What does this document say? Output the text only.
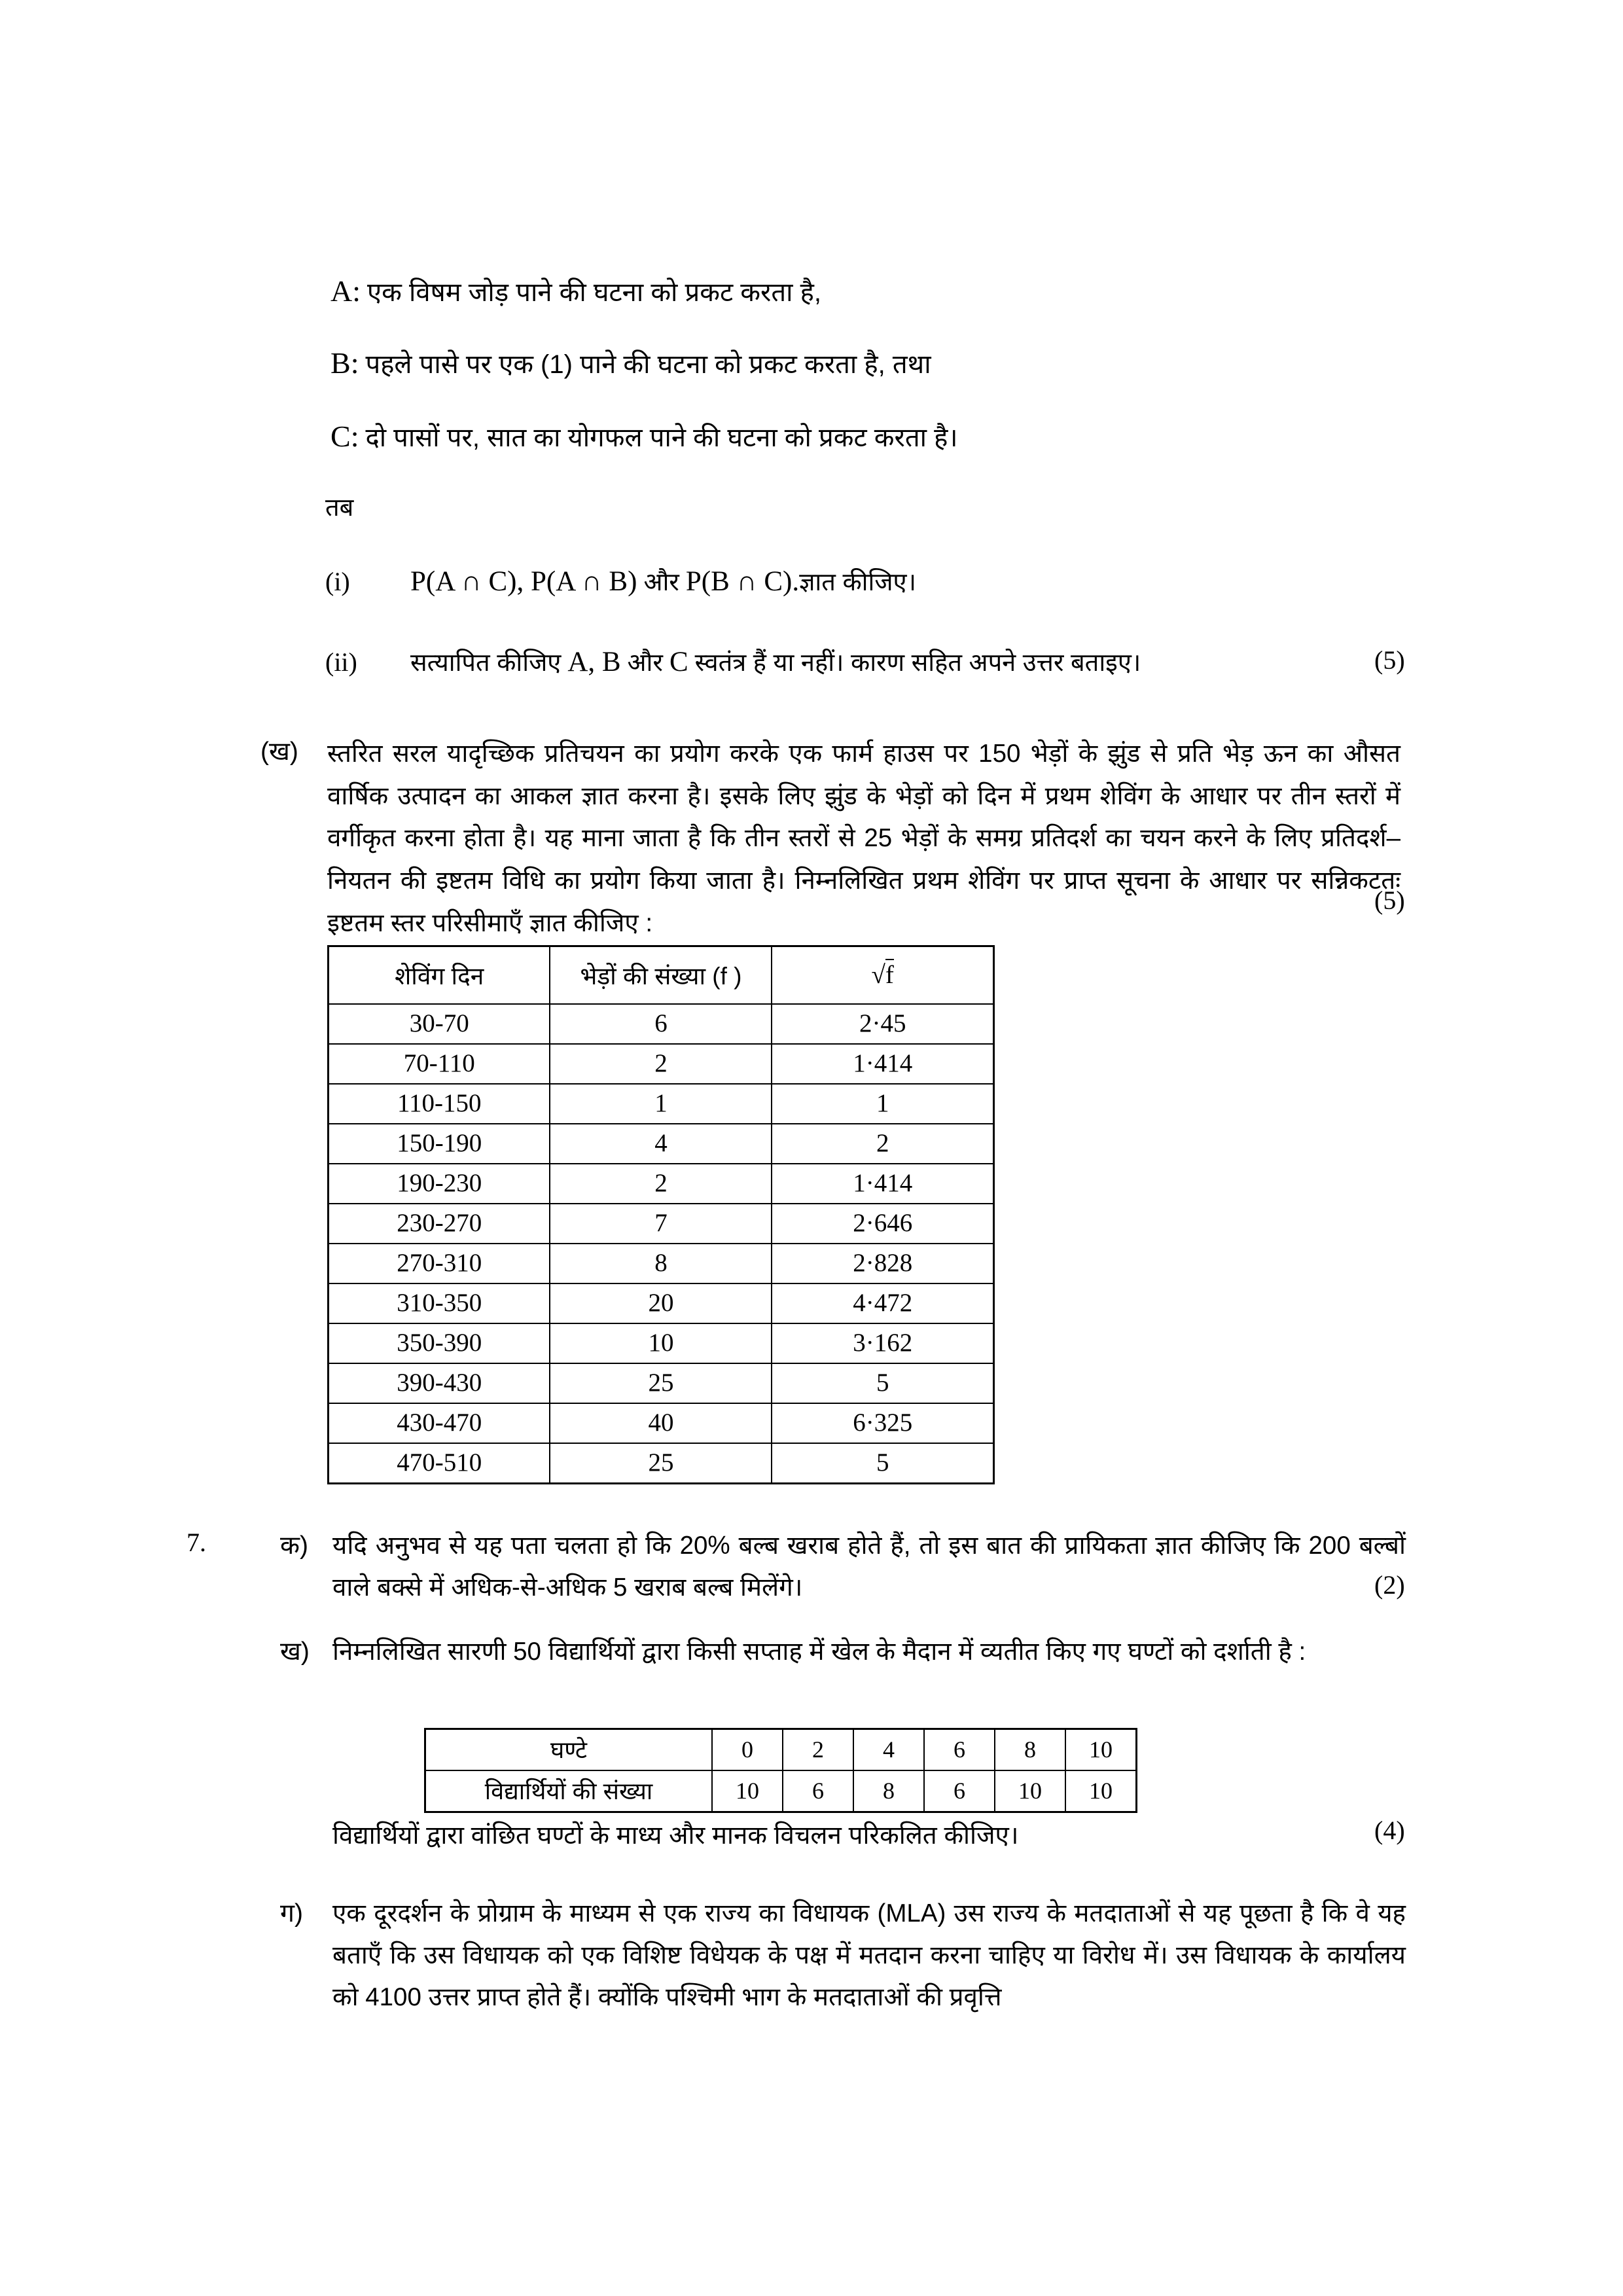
A: एक विषम जोड़ पाने की घटना को प्रकट करता है,
B: पहले पासे पर एक (1) पाने की घटना को प्रकट करता है, तथा
C: दो पासों पर, सात का योगफल पाने की घटना को प्रकट करता है।
तब
(i) P(A ∩ C), P(A ∩ B) और P(B ∩ C).ज्ञात कीजिए।
(ii) सत्यापित कीजिए A, B और C स्वतंत्र हैं या नहीं। कारण सहित अपने उत्तर बताइए।	(5)
(ख) स्तरित सरल यादृच्छिक प्रतिचयन का प्रयोग करके एक फार्म हाउस पर 150 भेड़ों के झुंड से प्रति भेड़ ऊन का औसत वार्षिक उत्पादन का आकल ज्ञात करना है। इसके लिए झुंड के भेड़ों को दिन में प्रथम शेविंग के आधार पर तीन स्तरों में वर्गीकृत करना होता है। यह माना जाता है कि तीन स्तरों से 25 भेड़ों के समग्र प्रतिदर्श का चयन करने के लिए प्रतिदर्श–नियतन की इष्टतम विधि का प्रयोग किया जाता है। निम्नलिखित प्रथम शेविंग पर प्राप्त सूचना के आधार पर सन्निकटतः इष्टतम स्तर परिसीमाएँ ज्ञात कीजिए :
(5)
शेविंग दिन	भेड़ों की संख्या (f )	√f
30-70	6	2·45
70-110	2	1·414
110-150	1	1
150-190	4	2
190-230	2	1·414
230-270	7	2·646
270-310	8	2·828
310-350	20	4·472
350-390	10	3·162
390-430	25	5
430-470	40	6·325
470-510	25	5
7.	क) यदि अनुभव से यह पता चलता हो कि 20% बल्ब खराब होते हैं, तो इस बात की प्रायिकता ज्ञात कीजिए कि 200 बल्बों वाले बक्से में अधिक-से-अधिक 5 खराब बल्ब मिलेंगे।	(2)
ख) निम्नलिखित सारणी 50 विद्यार्थियों द्वारा किसी सप्ताह में खेल के मैदान में व्यतीत किए गए घण्टों को दर्शाती है :
घण्टे	0	2	4	6	8	10
विद्यार्थियों की संख्या	10	6	8	6	10	10
विद्यार्थियों द्वारा वांछित घण्टों के माध्य और मानक विचलन परिकलित कीजिए।	(4)
ग) एक दूरदर्शन के प्रोग्राम के माध्यम से एक राज्य का विधायक (MLA) उस राज्य के मतदाताओं से यह पूछता है कि वे यह बताएँ कि उस विधायक को एक विशिष्ट विधेयक के पक्ष में मतदान करना चाहिए या विरोध में। उस विधायक के कार्यालय को 4100 उत्तर प्राप्त होते हैं। क्योंकि पश्चिमी भाग के मतदाताओं की प्रवृत्ति
